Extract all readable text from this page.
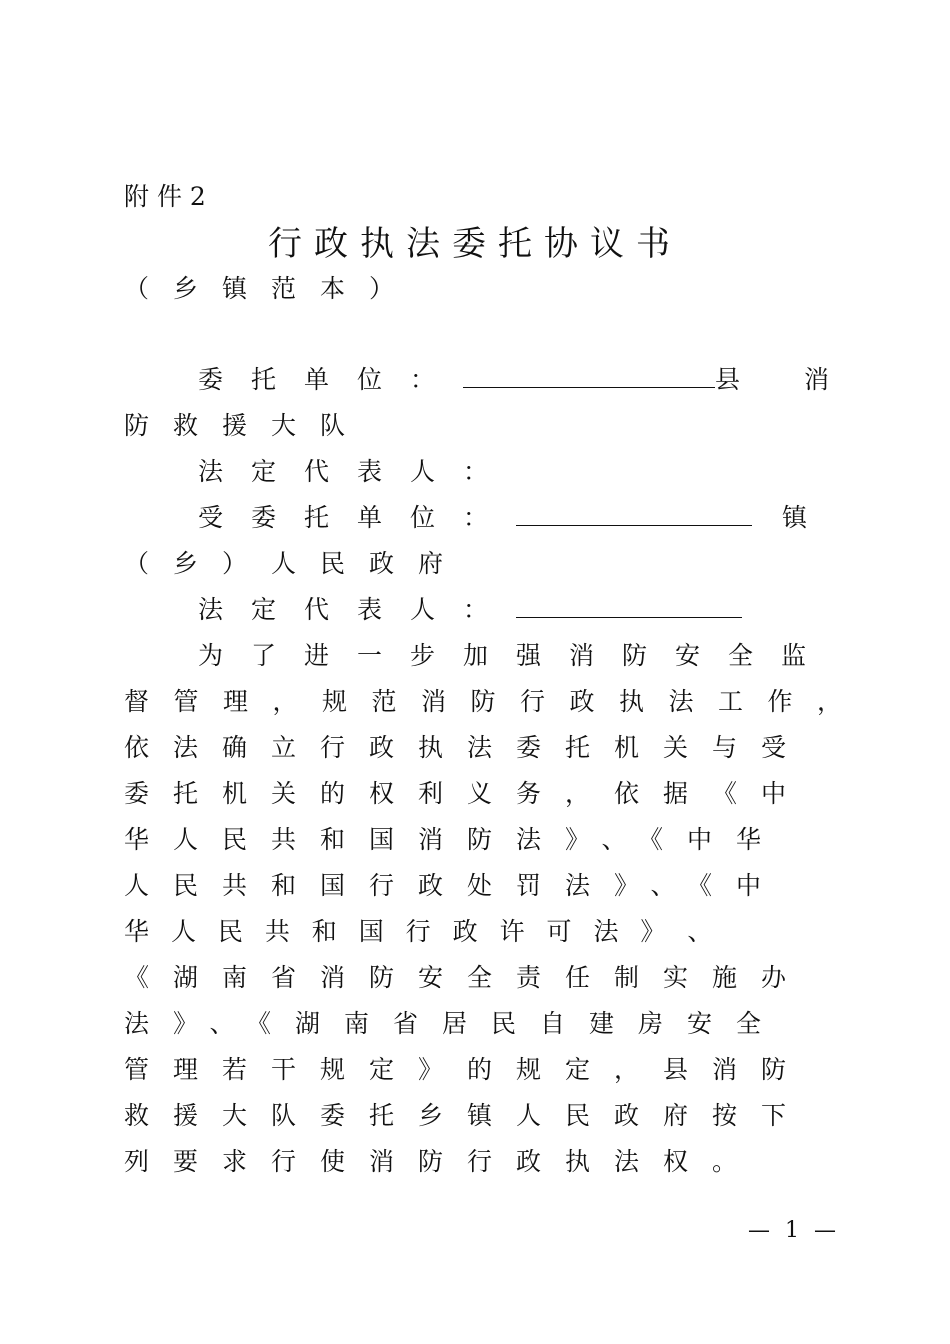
附 件 2
行政执法委托协议书
（乡镇范本）
委托单位：	县 消
防救援大队
法定代表人：
受委托单位：	镇
（乡）人民政府
法定代表人：
为了进一步加强消防安全监
督管理，规范消防行政执法工作，
依法确立行政执法委托机关与受
委托机关的权利义务，依据《中
华人民共和国消防法》、《中华
人民共和国行政处罚法》、《中
华 人 民 共 和 国 行 政 许 可 法 》 、
《湖南省消防安全责任制实施办
法》、《湖南省居民自建房安全
管理若干规定》的规定，县消防
救援大队委托乡镇人民政府按下
列要求行使消防行政执法权。
— 1 —
